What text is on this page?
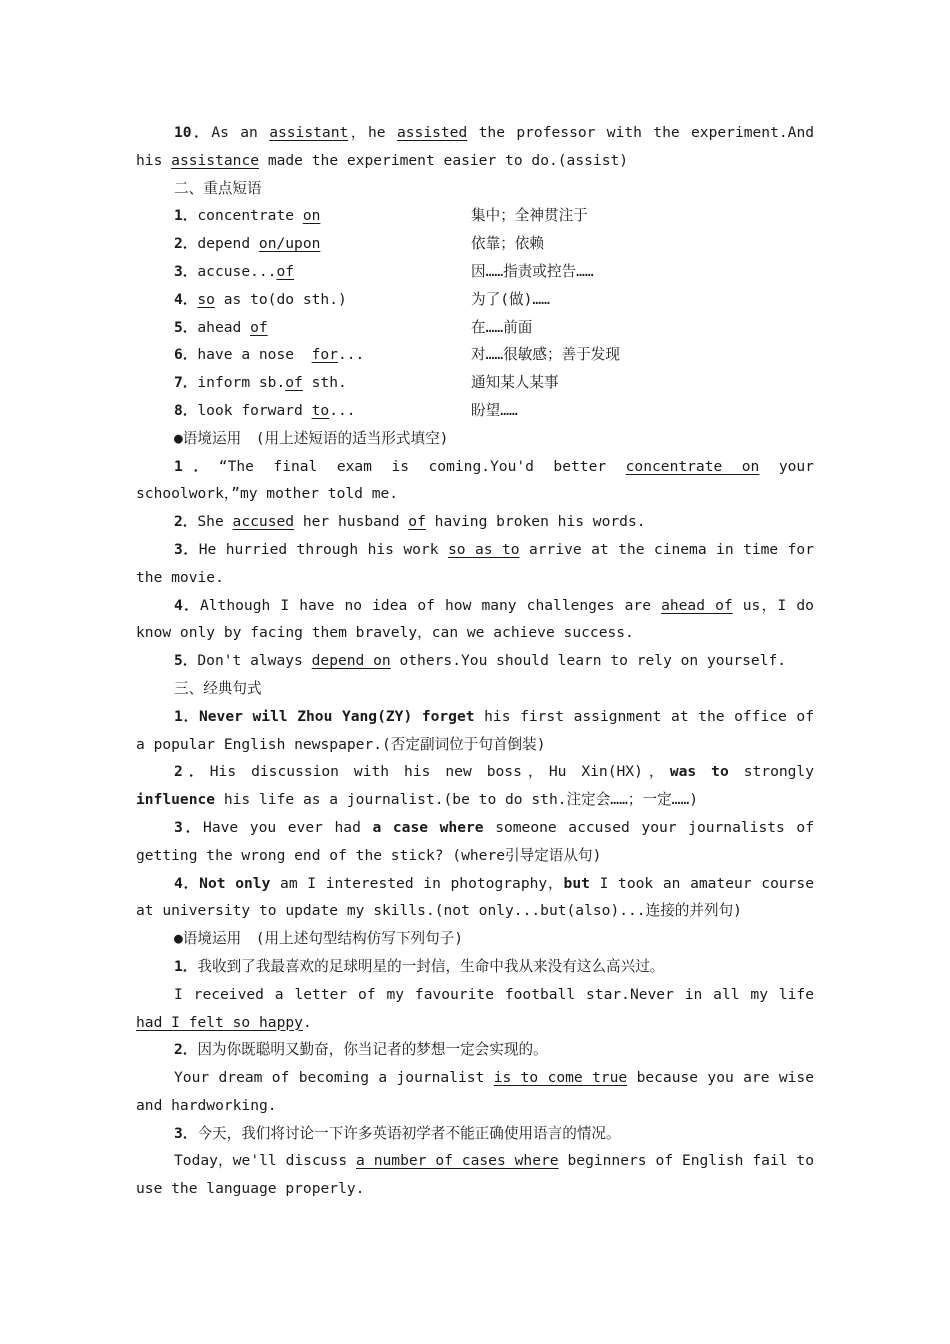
10．As an assistant，he assisted the professor with the experiment.And his assistance made the experiment easier to do.(assist)

二、重点短语

1．concentrate on	集中；全神贯注于
2．depend on/upon	依靠；依赖
3．accuse...of	因……指责或控告……
4．so as to(do sth.)	为了(做)……
5．ahead of	在……前面
6．have a nose  for...	对……很敏感；善于发现
7．inform sb.of sth.	通知某人某事
8．look forward to...	盼望……

● 语境运用　(用上述短语的适当形式填空)

1．“The final exam is coming.You'd better concentrate on your schoolwork，”my mother told me.

2．She accused her husband of having broken his words.

3．He hurried through his work so as to arrive at the cinema in time for the movie.

4．Although I have no idea of how many challenges are ahead of us，I do know only by facing them bravely，can we achieve success.

5．Don't always depend on others.You should learn to rely on yourself.

三、经典句式

1．Never will Zhou Yang(ZY) forget his first assignment at the office of a popular English newspaper.(否定副词位于句首倒装)

2．His discussion with his new boss，Hu Xin(HX)，was to strongly influence his life as a journalist.(be to do sth.注定会……；一定……)

3．Have you ever had a case where someone accused your journalists of getting the wrong end of the stick? (where引导定语从句)

4．Not only am I interested in photography，but I took an amateur course at university to update my skills.(not only...but(also)...连接的并列句)

● 语境运用　(用上述句型结构仿写下列句子)

1．我收到了我最喜欢的足球明星的一封信，生命中我从来没有这么高兴过。

I received a letter of my favourite football star.Never in all my life had I felt so happy.

2．因为你既聪明又勤奋，你当记者的梦想一定会实现的。

Your dream of becoming a journalist is to come true because you are wise and hardworking.

3．今天，我们将讨论一下许多英语初学者不能正确使用语言的情况。

Today，we'll discuss a number of cases where beginners of English fail to use the language properly.
